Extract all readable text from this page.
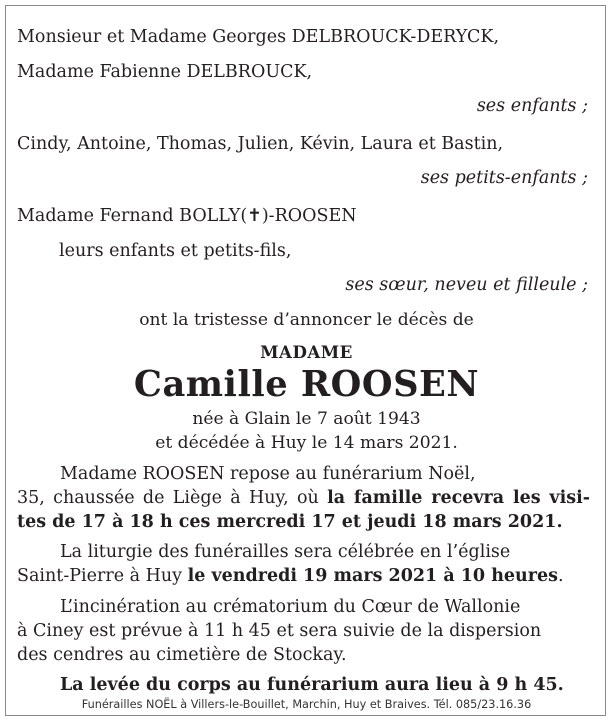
Monsieur et Madame Georges DELBROUCK-DERYCK,
Madame Fabienne DELBROUCK,
ses enfants ;
Cindy, Antoine, Thomas, Julien, Kévin, Laura et Bastin,
ses petits-enfants ;
Madame Fernand BOLLY(✝)-ROOSEN
leurs enfants et petits-fils,
ses sœur, neveu et filleule ;
ont la tristesse d’annoncer le décès de
MADAME
Camille ROOSEN
née à Glain le 7 août 1943
et décédée à Huy le 14 mars 2021.
Madame ROOSEN repose au funérarium Noël,
35, chaussée de Liège à Huy, où la famille recevra les visi-
tes de 17 à 18 h ces mercredi 17 et jeudi 18 mars 2021.
La liturgie des funérailles sera célébrée en l’église
Saint-Pierre à Huy le vendredi 19 mars 2021 à 10 heures.
L’incinération au crématorium du Cœur de Wallonie
à Ciney est prévue à 11 h 45 et sera suivie de la dispersion
des cendres au cimetière de Stockay.
La levée du corps au funérarium aura lieu à 9 h 45.
Funérailles NOËL à Villers-le-Bouillet, Marchin, Huy et Braives. Tél. 085/23.16.36
